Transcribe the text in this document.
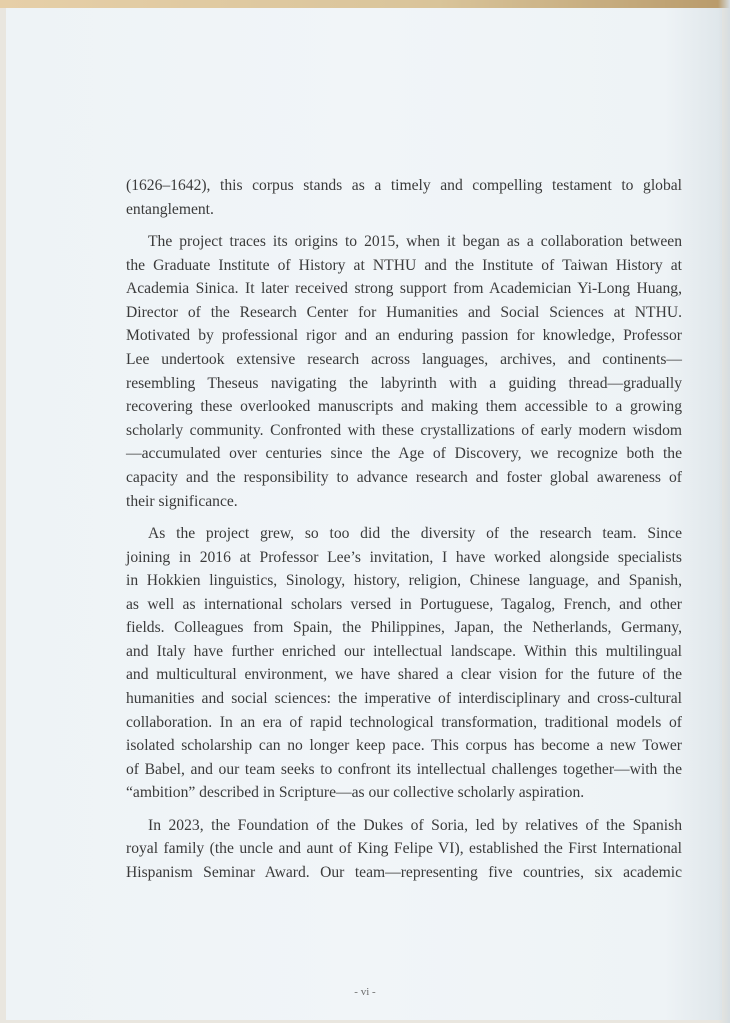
(1626–1642), this corpus stands as a timely and compelling testament to global
entanglement.
The project traces its origins to 2015, when it began as a collaboration between
the Graduate Institute of History at NTHU and the Institute of Taiwan History at
Academia Sinica. It later received strong support from Academician Yi-Long Huang,
Director of the Research Center for Humanities and Social Sciences at NTHU.
Motivated by professional rigor and an enduring passion for knowledge, Professor
Lee undertook extensive research across languages, archives, and continents—
resembling Theseus navigating the labyrinth with a guiding thread—gradually
recovering these overlooked manuscripts and making them accessible to a growing
scholarly community. Confronted with these crystallizations of early modern wisdom
—accumulated over centuries since the Age of Discovery, we recognize both the
capacity and the responsibility to advance research and foster global awareness of
their significance.
As the project grew, so too did the diversity of the research team. Since
joining in 2016 at Professor Lee’s invitation, I have worked alongside specialists
in Hokkien linguistics, Sinology, history, religion, Chinese language, and Spanish,
as well as international scholars versed in Portuguese, Tagalog, French, and other
fields. Colleagues from Spain, the Philippines, Japan, the Netherlands, Germany,
and Italy have further enriched our intellectual landscape. Within this multilingual
and multicultural environment, we have shared a clear vision for the future of the
humanities and social sciences: the imperative of interdisciplinary and cross-cultural
collaboration. In an era of rapid technological transformation, traditional models of
isolated scholarship can no longer keep pace. This corpus has become a new Tower
of Babel, and our team seeks to confront its intellectual challenges together—with the
“ambition” described in Scripture—as our collective scholarly aspiration.
In 2023, the Foundation of the Dukes of Soria, led by relatives of the Spanish
royal family (the uncle and aunt of King Felipe VI), established the First International
Hispanism Seminar Award. Our team—representing five countries, six academic
- vi -
